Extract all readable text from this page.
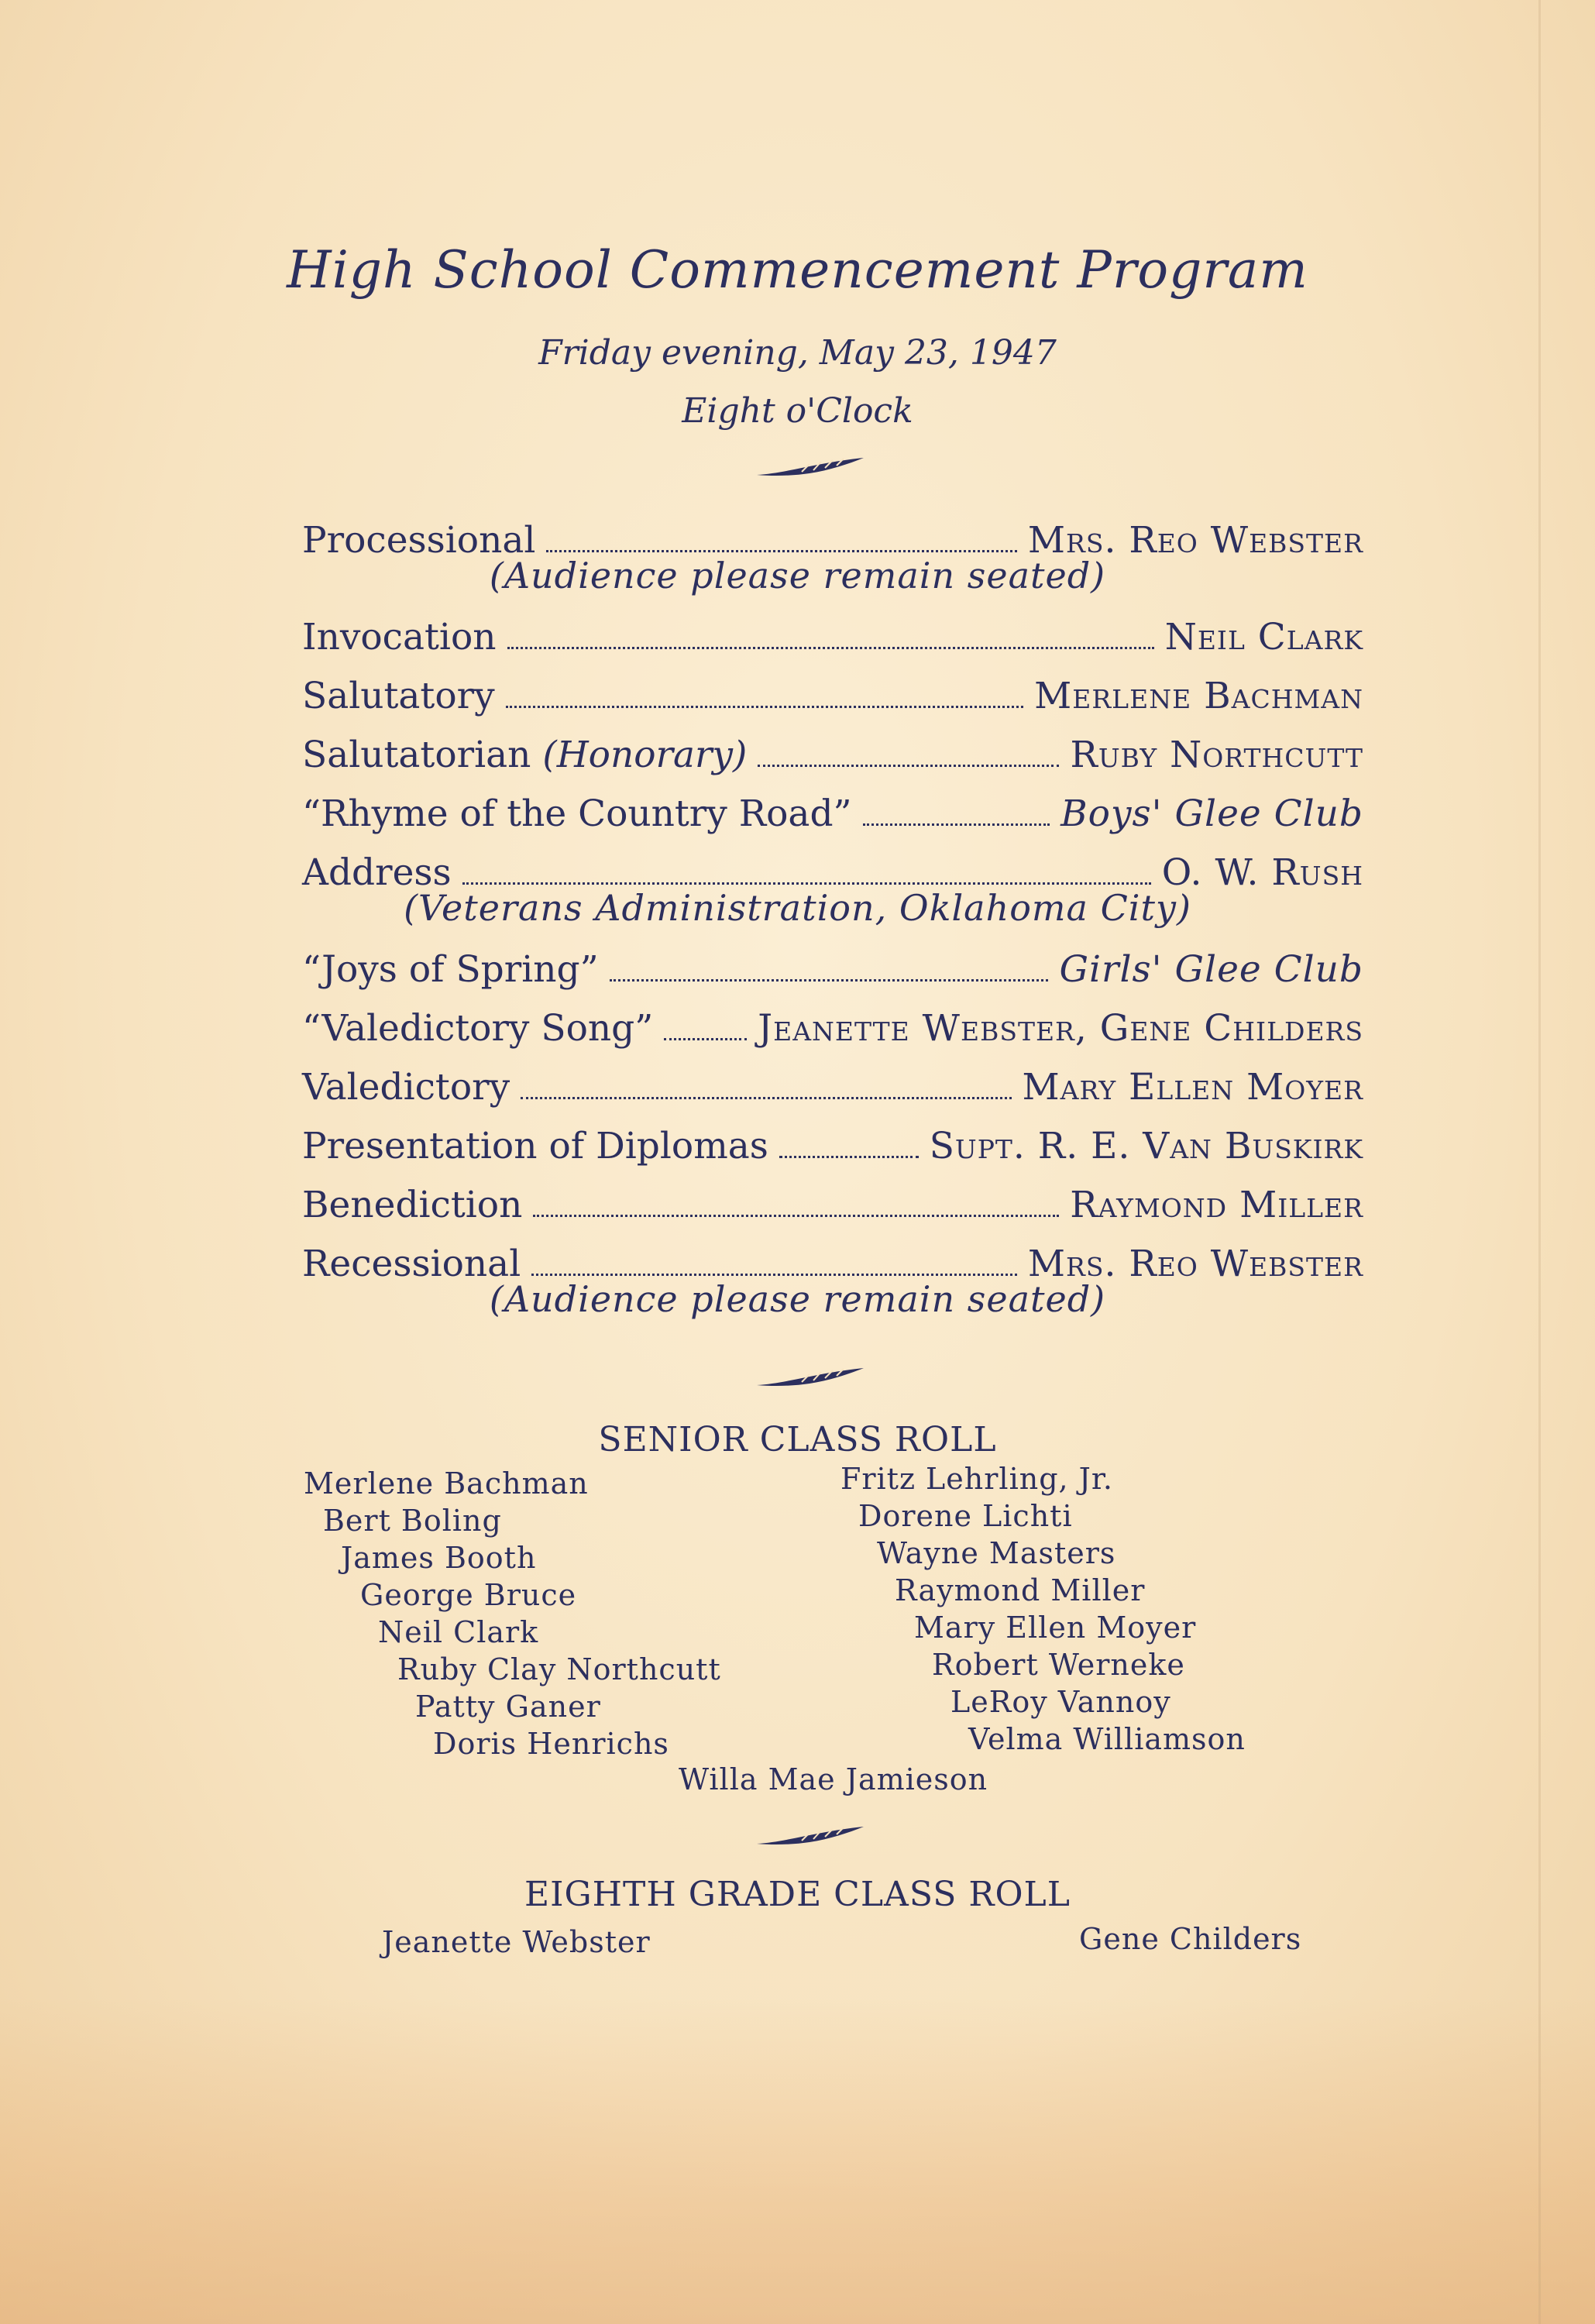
High School Commencement Program
Friday evening, May 23, 1947
Eight o'Clock
Processional	Mrs. Reo Webster
(Audience please remain seated)
Invocation	Neil Clark
Salutatory	Merlene Bachman
Salutatorian (Honorary)	Ruby Northcutt
“Rhyme of the Country Road”	Boys' Glee Club
Address	O. W. Rush
(Veterans Administration, Oklahoma City)
“Joys of Spring”	Girls' Glee Club
“Valedictory Song”	Jeanette Webster, Gene Childers
Valedictory	Mary Ellen Moyer
Presentation of Diplomas	Supt. R. E. Van Buskirk
Benediction	Raymond Miller
Recessional	Mrs. Reo Webster
(Audience please remain seated)
SENIOR CLASS ROLL
Merlene Bachman
Bert Boling
James Booth
George Bruce
Neil Clark
Ruby Clay Northcutt
Patty Ganer
Doris Henrichs
Fritz Lehrling, Jr.
Dorene Lichti
Wayne Masters
Raymond Miller
Mary Ellen Moyer
Robert Werneke
LeRoy Vannoy
Velma Williamson
Willa Mae Jamieson
EIGHTH GRADE CLASS ROLL
Jeanette Webster	Gene Childers
